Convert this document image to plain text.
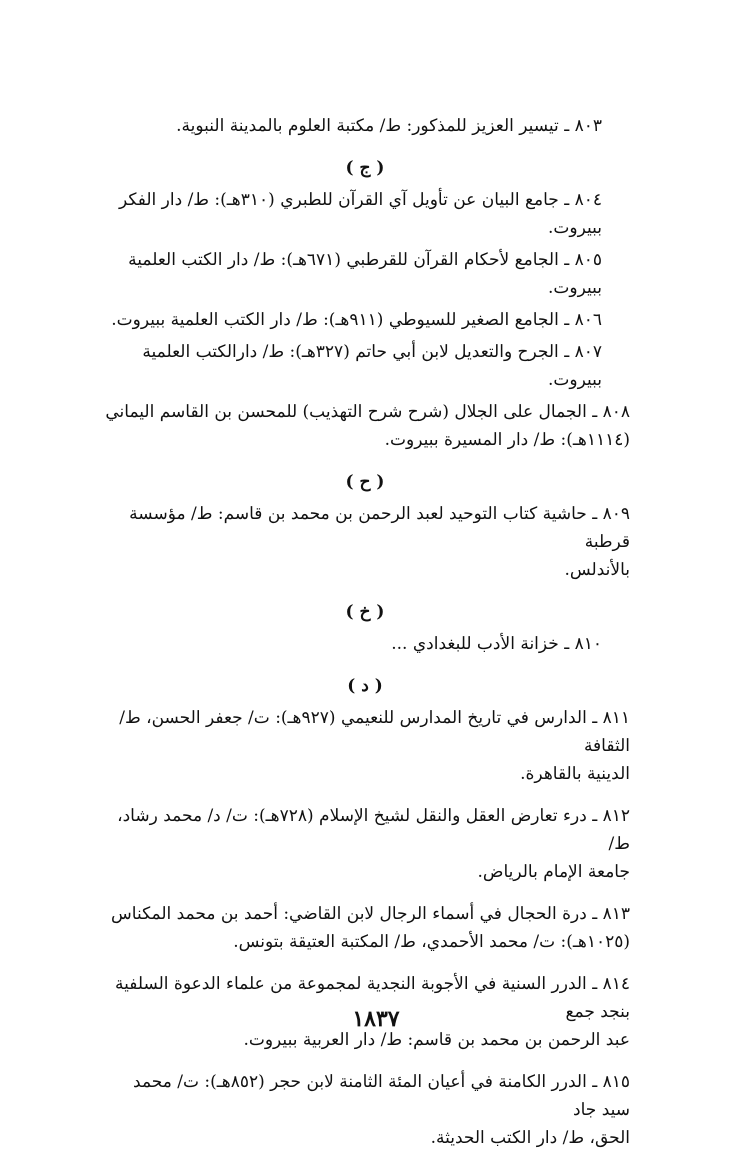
٨٠٣ ـ تيسير العزيز للمذكور: ط/ مكتبة العلوم بالمدينة النبوية.

( ج )

٨٠٤ ـ جامع البيان عن تأويل آي القرآن للطبري (٣١٠هـ): ط/ دار الفكر ببيروت.

٨٠٥ ـ الجامع لأحكام القرآن للقرطبي (٦٧١هـ): ط/ دار الكتب العلمية ببيروت.

٨٠٦ ـ الجامع الصغير للسيوطي (٩١١هـ): ط/ دار الكتب العلمية ببيروت.

٨٠٧ ـ الجرح والتعديل لابن أبي حاتم (٣٢٧هـ): ط/ دارالكتب العلمية ببيروت.

٨٠٨ ـ الجمال على الجلال (شرح شرح التهذيب) للمحسن بن القاسم اليماني
(١١١٤هـ): ط/ دار المسيرة ببيروت.

( ح )

٨٠٩ ـ حاشية كتاب التوحيد لعبد الرحمن بن محمد بن قاسم: ط/ مؤسسة قرطبة
بالأندلس.

( خ )

٨١٠ ـ خزانة الأدب للبغدادي ...

( د )

٨١١ ـ الدارس في تاريخ المدارس للنعيمي (٩٢٧هـ): ت/ جعفر الحسن، ط/ الثقافة
الدينية بالقاهرة.

٨١٢ ـ درء تعارض العقل والنقل لشيخ الإسلام (٧٢٨هـ): ت/ د/ محمد رشاد، ط/
جامعة الإمام بالرياض.

٨١٣ ـ درة الحجال في أسماء الرجال لابن القاضي: أحمد بن محمد المكناس
(١٠٢٥هـ): ت/ محمد الأحمدي، ط/ المكتبة العتيقة بتونس.

٨١٤ ـ الدرر السنية في الأجوبة النجدية لمجموعة من علماء الدعوة السلفية بنجد جمع
عبد الرحمن بن محمد بن قاسم: ط/ دار العربية ببيروت.

٨١٥ ـ الدرر الكامنة في أعيان المئة الثامنة لابن حجر (٨٥٢هـ): ت/ محمد سيد جاد
الحق، ط/ دار الكتب الحديثة.

١٨٣٧
